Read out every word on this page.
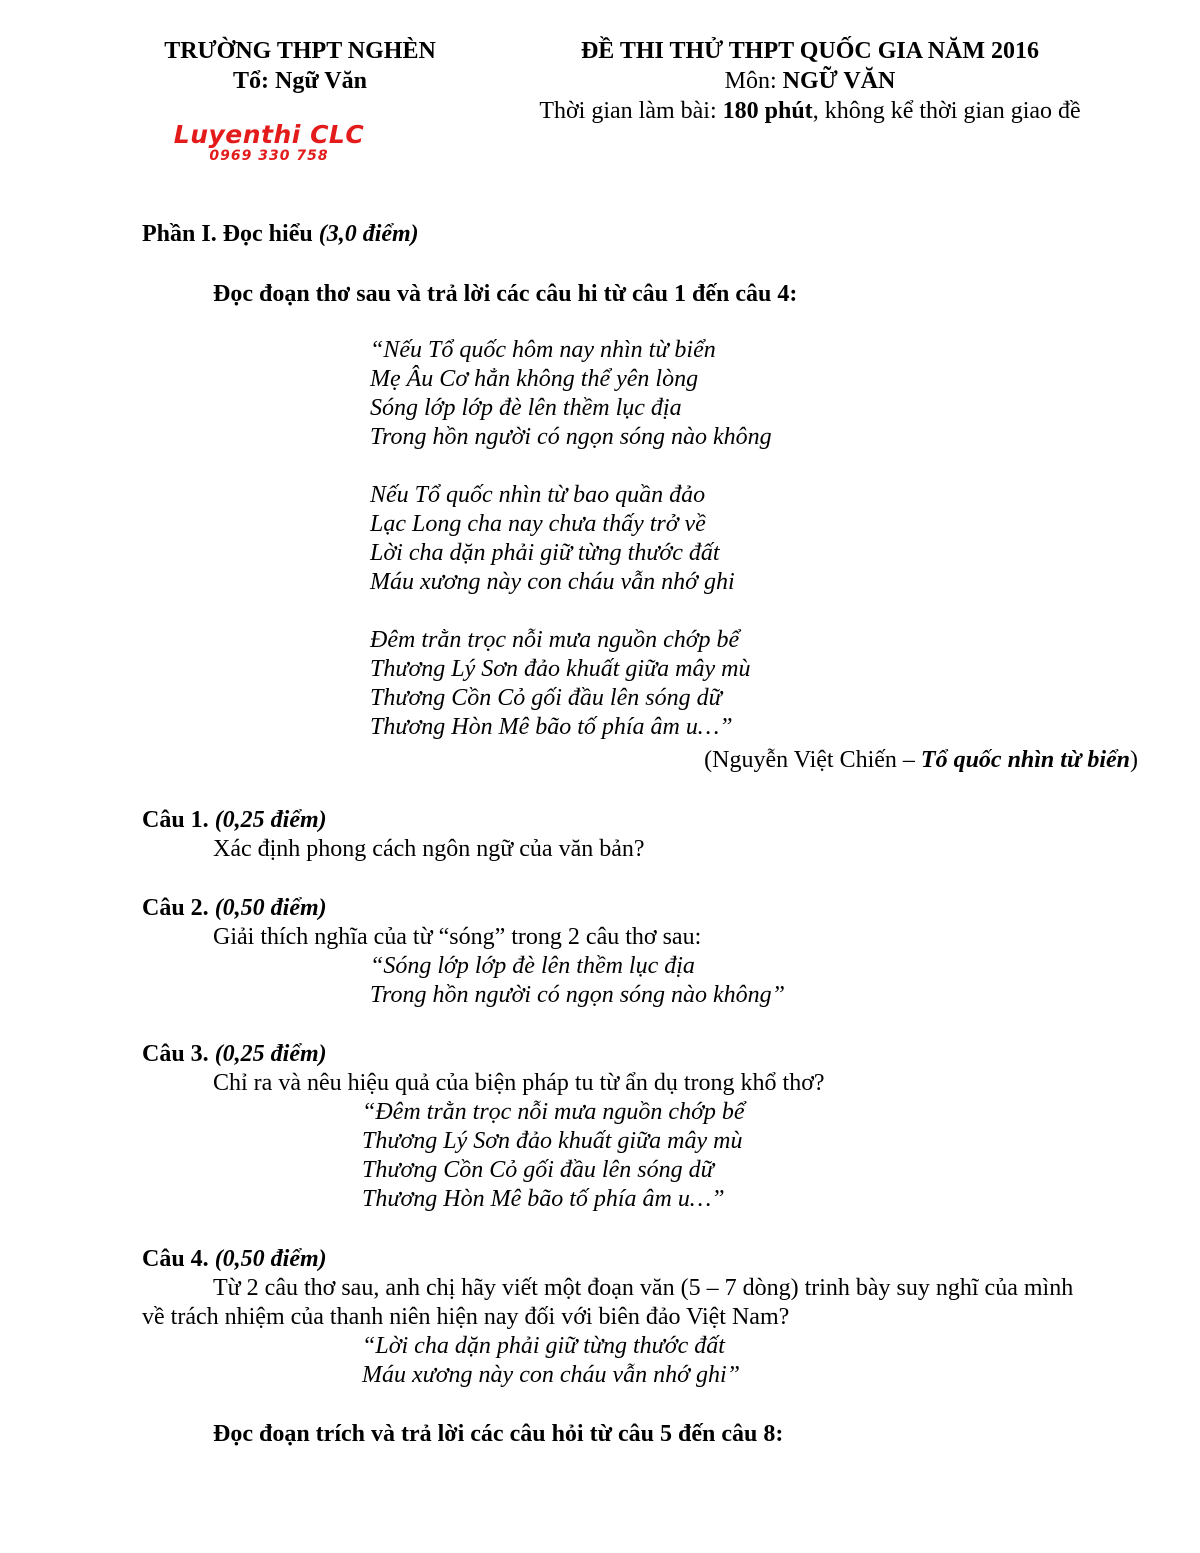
TRƯỜNG THPT NGHÈN
Tổ: Ngữ Văn
ĐỀ THI THỬ THPT QUỐC GIA NĂM 2016
Môn: NGỮ VĂN
Thời gian làm bài: 180 phút, không kể thời gian giao đề
Luyenthi CLC
0969 330 758
Phần I. Đọc hiểu (3,0 điểm)
Đọc đoạn thơ sau và trả lời các câu hi từ câu 1 đến câu 4:
“Nếu Tổ quốc hôm nay nhìn từ biển
Mẹ Âu Cơ hẳn không thể yên lòng
Sóng lớp lớp đè lên thềm lục địa
Trong hồn người có ngọn sóng nào không
Nếu Tổ quốc nhìn từ bao quần đảo
Lạc Long cha nay chưa thấy trở về
Lời cha dặn phải giữ từng thước đất
Máu xương này con cháu vẫn nhớ ghi
Đêm trằn trọc nỗi mưa nguồn chớp bể
Thương Lý Sơn đảo khuất giữa mây mù
Thương Cồn Cỏ gối đầu lên sóng dữ
Thương Hòn Mê bão tố phía âm u…”
(Nguyễn Việt Chiến – Tổ quốc nhìn từ biển)
Câu 1. (0,25 điểm)
Xác định phong cách ngôn ngữ của văn bản?
Câu 2. (0,50 điểm)
Giải thích nghĩa của từ “sóng” trong 2 câu thơ sau:
“Sóng lớp lớp đè lên thềm lục địa
Trong hồn người có ngọn sóng nào không”
Câu 3. (0,25 điểm)
Chỉ ra và nêu hiệu quả của biện pháp tu từ ẩn dụ trong khổ thơ?
“Đêm trằn trọc nỗi mưa nguồn chớp bể
Thương Lý Sơn đảo khuất giữa mây mù
Thương Cồn Cỏ gối đầu lên sóng dữ
Thương Hòn Mê bão tố phía âm u…”
Câu 4. (0,50 điểm)
Từ 2 câu thơ sau, anh chị hãy viết một đoạn văn (5 – 7 dòng) trinh bày suy nghĩ của mình
về trách nhiệm của thanh niên hiện nay đối với biên đảo Việt Nam?
“Lời cha dặn phải giữ từng thước đất
Máu xương này con cháu vẫn nhớ ghi”
Đọc đoạn trích và trả lời các câu hỏi từ câu 5 đến câu 8:
